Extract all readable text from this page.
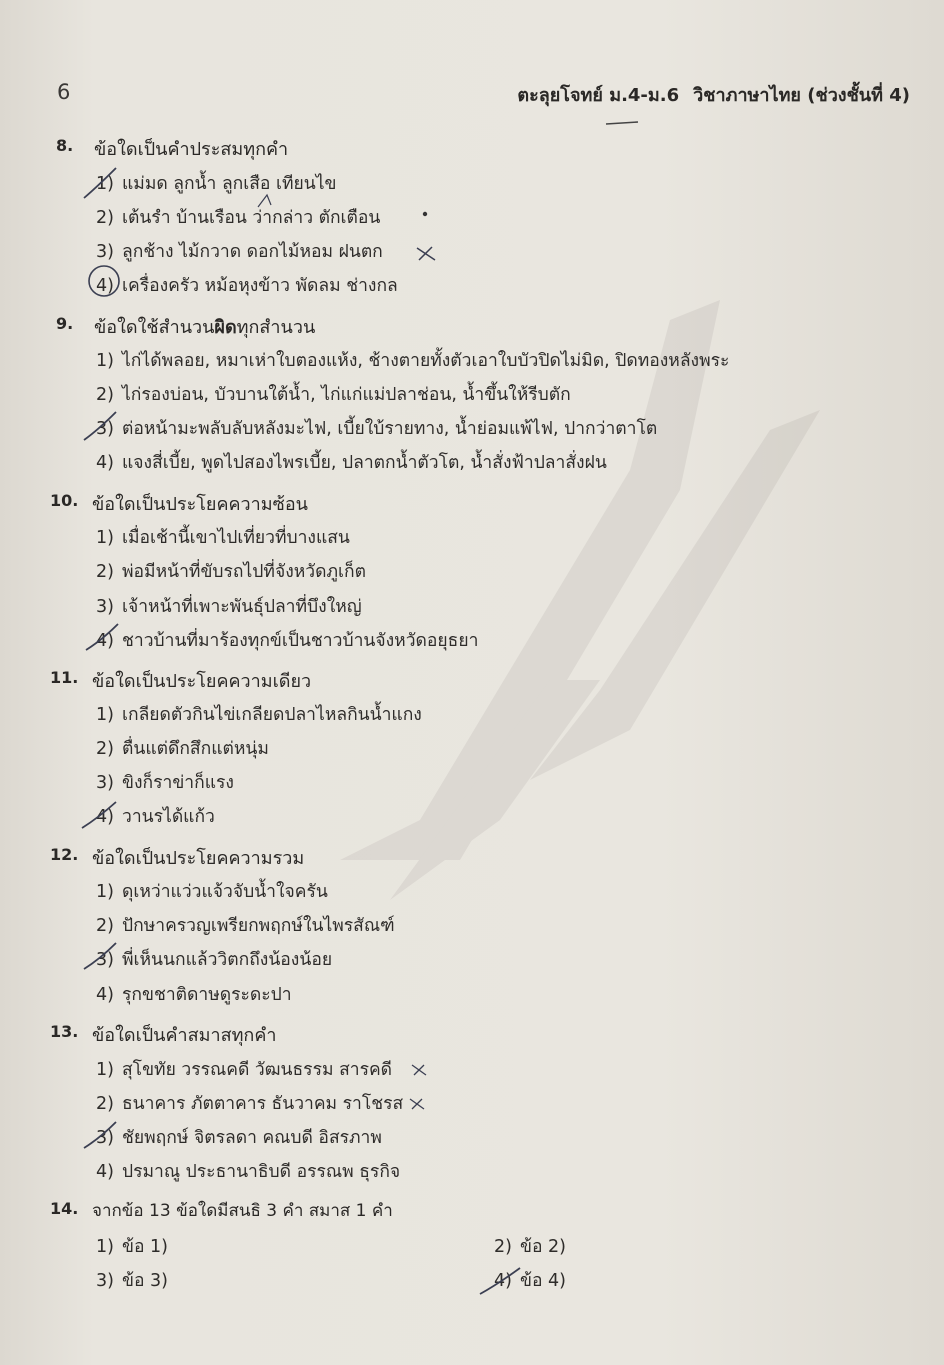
6	ตะลุยโจทย์ ม.4-ม.6 วิชาภาษาไทย (ช่วงชั้นที่ 4)
8. ข้อใดเป็นคำประสมทุกคำ
1) แม่มด ลูกน้ำ ลูกเสือ เทียนไข
2) เต้นรำ บ้านเรือน ว่ากล่าว ตักเตือน
3) ลูกช้าง ไม้กวาด ดอกไม้หอม ฝนตก
4) เครื่องครัว หม้อหุงข้าว พัดลม ช่างกล
9. ข้อใดใช้สำนวนผิดทุกสำนวน
1) ไก่ได้พลอย, หมาเห่าใบตองแห้ง, ช้างตายทั้งตัวเอาใบบัวปิดไม่มิด, ปิดทองหลังพระ
2) ไก่รองบ่อน, บัวบานใต้น้ำ, ไก่แก่แม่ปลาช่อน, น้ำขึ้นให้รีบตัก
3) ต่อหน้ามะพลับลับหลังมะไฟ, เบี้ยใบ้รายทาง, น้ำย่อมแพ้ไฟ, ปากว่าตาโต
4) แจงสี่เบี้ย, พูดไปสองไพรเบี้ย, ปลาตกน้ำตัวโต, น้ำสั่งฟ้าปลาสั่งฝน
10. ข้อใดเป็นประโยคความซ้อน
1) เมื่อเช้านี้เขาไปเที่ยวที่บางแสน
2) พ่อมีหน้าที่ขับรถไปที่จังหวัดภูเก็ต
3) เจ้าหน้าที่เพาะพันธุ์ปลาที่บึงใหญ่
4) ชาวบ้านที่มาร้องทุกข์เป็นชาวบ้านจังหวัดอยุธยา
11. ข้อใดเป็นประโยคความเดียว
1) เกลียดตัวกินไข่เกลียดปลาไหลกินน้ำแกง
2) ตื่นแต่ดึกสึกแต่หนุ่ม
3) ขิงก็ราข่าก็แรง
4) วานรได้แก้ว
12. ข้อใดเป็นประโยคความรวม
1) ดุเหว่าแว่วแจ้วจับน้ำใจครัน
2) ปักษาครวญเพรียกพฤกษ์ในไพรสัณฑ์
3) พี่เห็นนกแล้ววิตกถึงน้องน้อย
4) รุกขชาติดาษดูระดะปา
13. ข้อใดเป็นคำสมาสทุกคำ
1) สุโขทัย วรรณคดี วัฒนธรรม สารคดี
2) ธนาคาร ภัตตาคาร ธันวาคม ราโชรส
3) ชัยพฤกษ์ จิตรลดา คณบดี อิสรภาพ
4) ปรมาณู ประธานาธิบดี อรรณพ ธุรกิจ
14. จากข้อ 13 ข้อใดมีสนธิ 3 คำ สมาส 1 คำ
1) ข้อ 1)	2) ข้อ 2)
3) ข้อ 3)	4) ข้อ 4)
